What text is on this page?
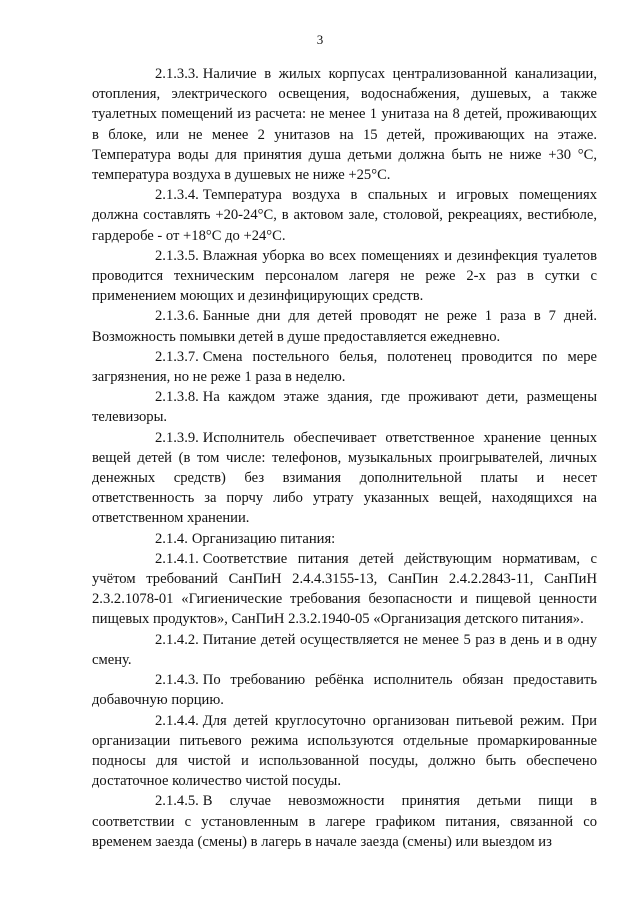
3

2.1.3.3. Наличие в жилых корпусах централизованной канализации, отопления, электрического освещения, водоснабжения, душевых, а также туалетных помещений из расчета: не менее 1 унитаза на 8 детей, проживающих в блоке, или не менее 2 унитазов на 15 детей, проживающих на этаже. Температура воды для принятия душа детьми должна быть не ниже +30 °C, температура воздуха в душевых не ниже +25°C.

2.1.3.4. Температура воздуха в спальных и игровых помещениях должна составлять +20-24°C, в актовом зале, столовой, рекреациях, вестибюле, гардеробе - от +18°C до +24°C.

2.1.3.5. Влажная уборка во всех помещениях и дезинфекция туалетов проводится техническим персоналом лагеря не реже 2-х раз в сутки с применением моющих и дезинфицирующих средств.

2.1.3.6. Банные дни для детей проводят не реже 1 раза в 7 дней. Возможность помывки детей в душе предоставляется ежедневно.

2.1.3.7. Смена постельного белья, полотенец проводится по мере загрязнения, но не реже 1 раза в неделю.

2.1.3.8. На каждом этаже здания, где проживают дети, размещены телевизоры.

2.1.3.9. Исполнитель обеспечивает ответственное хранение ценных вещей детей (в том числе: телефонов, музыкальных проигрывателей, личных денежных средств) без взимания дополнительной платы и несет ответственность за порчу либо утрату указанных вещей, находящихся на ответственном хранении.

2.1.4. Организацию питания:

2.1.4.1. Соответствие питания детей действующим нормативам, с учётом требований СанПиН 2.4.4.3155-13, СанПин 2.4.2.2843-11, СанПиН 2.3.2.1078-01 «Гигиенические требования безопасности и пищевой ценности пищевых продуктов», СанПиН 2.3.2.1940-05 «Организация детского питания».

2.1.4.2. Питание детей осуществляется не менее 5 раз в день и в одну смену.

2.1.4.3. По требованию ребёнка исполнитель обязан предоставить добавочную порцию.

2.1.4.4. Для детей круглосуточно организован питьевой режим. При организации питьевого режима используются отдельные промаркированные подносы для чистой и использованной посуды, должно быть обеспечено достаточное количество чистой посуды.

2.1.4.5. В случае невозможности принятия детьми пищи в соответствии с установленным в лагере графиком питания, связанной со временем заезда (смены) в лагерь в начале заезда (смены) или выездом из
